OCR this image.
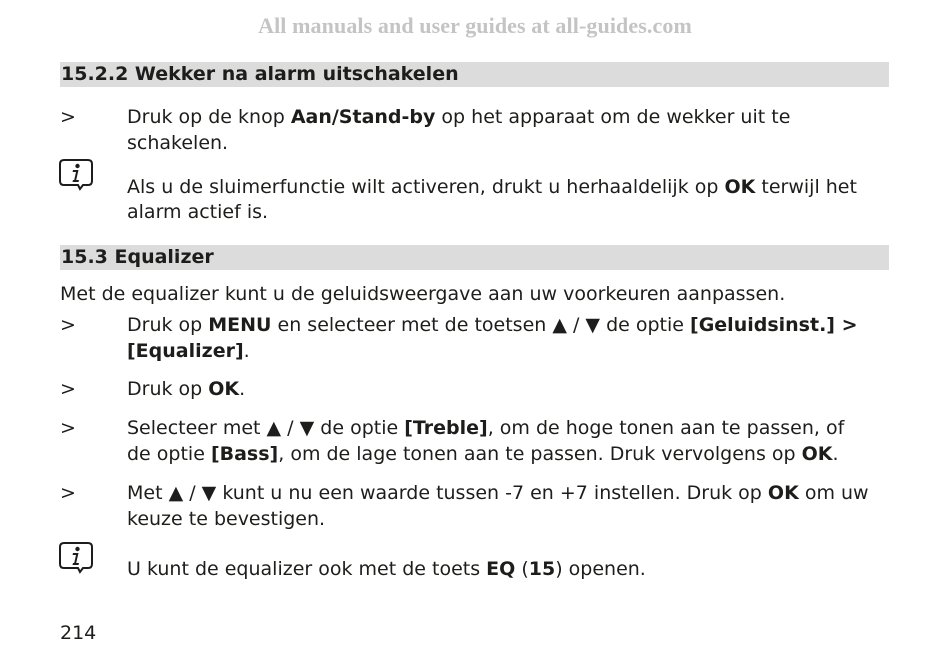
All manuals and user guides at all-guides.com
15.2.2 Wekker na alarm uitschakelen
>	Druk op de knop Aan/Stand-by op het apparaat om de wekker uit te
schakelen.
Als u de sluimerfunctie wilt activeren, drukt u herhaaldelijk op OK terwijl het
alarm actief is.
15.3 Equalizer
Met de equalizer kunt u de geluidsweergave aan uw voorkeuren aanpassen.
>	Druk op MENU en selecteer met de toetsen ▲ / ▼ de optie [Geluidsinst.] >
[Equalizer].
>	Druk op OK.
>	Selecteer met ▲ / ▼ de optie [Treble], om de hoge tonen aan te passen, of
de optie [Bass], om de lage tonen aan te passen. Druk vervolgens op OK.
>	Met ▲ / ▼ kunt u nu een waarde tussen -7 en +7 instellen. Druk op OK om uw
keuze te bevestigen.
U kunt de equalizer ook met de toets EQ (15) openen.
214
